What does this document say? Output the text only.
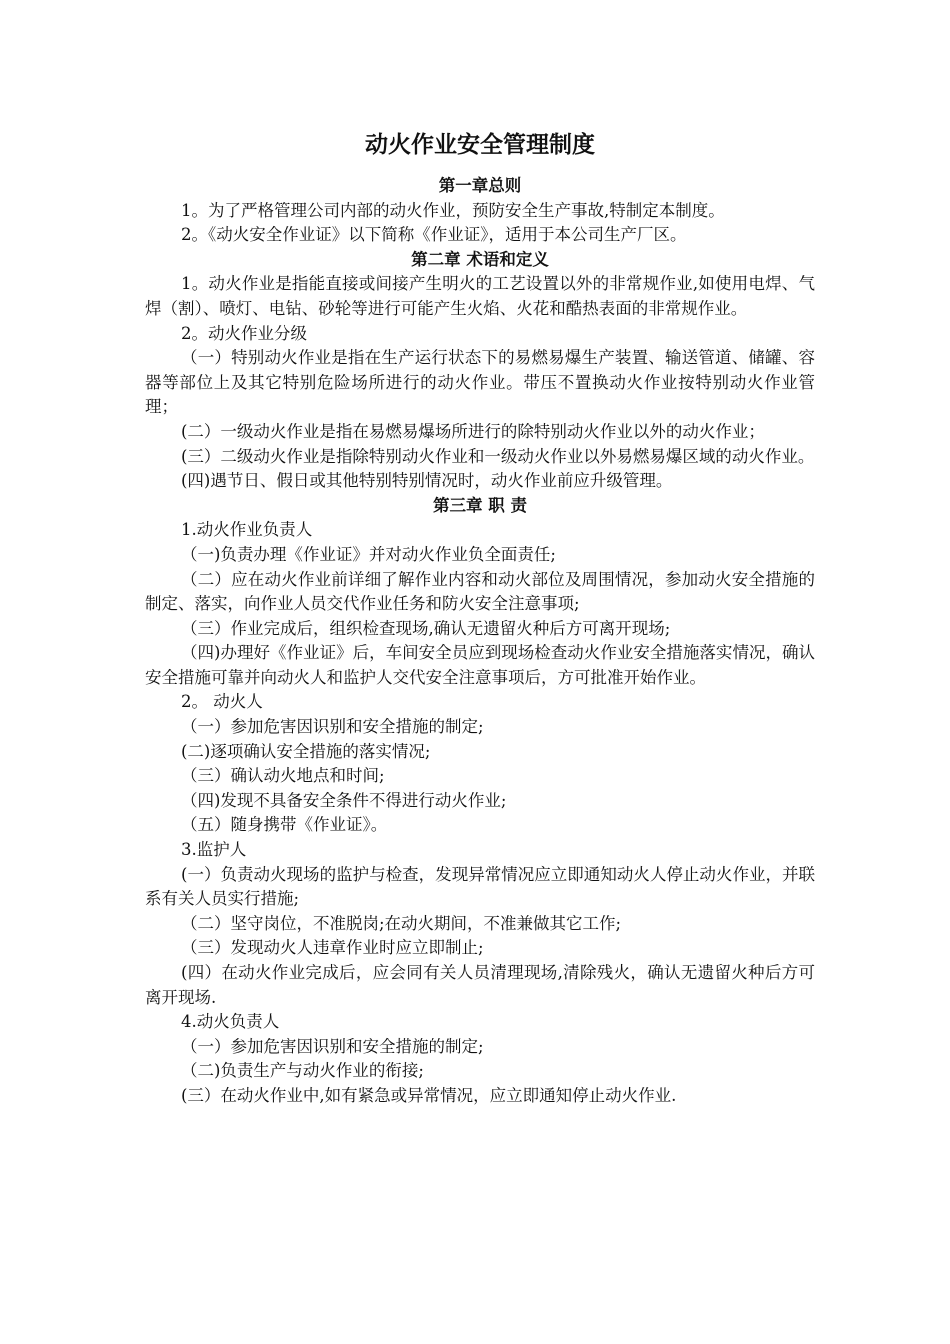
动火作业安全管理制度
第一章总则

1。为了严格管理公司内部的动火作业，预防安全生产事故,特制定本制度。

2。《动火安全作业证》以下简称《作业证》，适用于本公司生产厂区。

第二章 术语和定义

1。动火作业是指能直接或间接产生明火的工艺设置以外的非常规作业,如使用电焊、气焊（割）、喷灯、电钻、砂轮等进行可能产生火焰、火花和酷热表面的非常规作业。

2。动火作业分级

（一）特别动火作业是指在生产运行状态下的易燃易爆生产装置、输送管道、储罐、容器等部位上及其它特别危险场所进行的动火作业。带压不置换动火作业按特别动火作业管理；

(二）一级动火作业是指在易燃易爆场所进行的除特别动火作业以外的动火作业；

(三）二级动火作业是指除特别动火作业和一级动火作业以外易燃易爆区域的动火作业。

(四)遇节日、假日或其他特别特别情况时，动火作业前应升级管理。

第三章 职 责

1.动火作业负责人

（一)负责办理《作业证》并对动火作业负全面责任;

（二）应在动火作业前详细了解作业内容和动火部位及周围情况，参加动火安全措施的制定、落实，向作业人员交代作业任务和防火安全注意事项;

（三）作业完成后，组织检查现场,确认无遗留火种后方可离开现场;

（四)办理好《作业证》后，车间安全员应到现场检查动火作业安全措施落实情况，确认安全措施可靠并向动火人和监护人交代安全注意事项后，方可批准开始作业。

2。 动火人

（一）参加危害因识别和安全措施的制定;

(二)逐项确认安全措施的落实情况;

（三）确认动火地点和时间;

（四)发现不具备安全条件不得进行动火作业;

（五）随身携带《作业证》。

3.监护人

(一）负责动火现场的监护与检查，发现异常情况应立即通知动火人停止动火作业，并联系有关人员实行措施;

（二）坚守岗位，不准脱岗;在动火期间，不准兼做其它工作;

（三）发现动火人违章作业时应立即制止;

(四）在动火作业完成后，应会同有关人员清理现场,清除残火，确认无遗留火种后方可离开现场.

4.动火负责人

（一）参加危害因识别和安全措施的制定;

（二)负责生产与动火作业的衔接;

(三）在动火作业中,如有紧急或异常情况，应立即通知停止动火作业.
